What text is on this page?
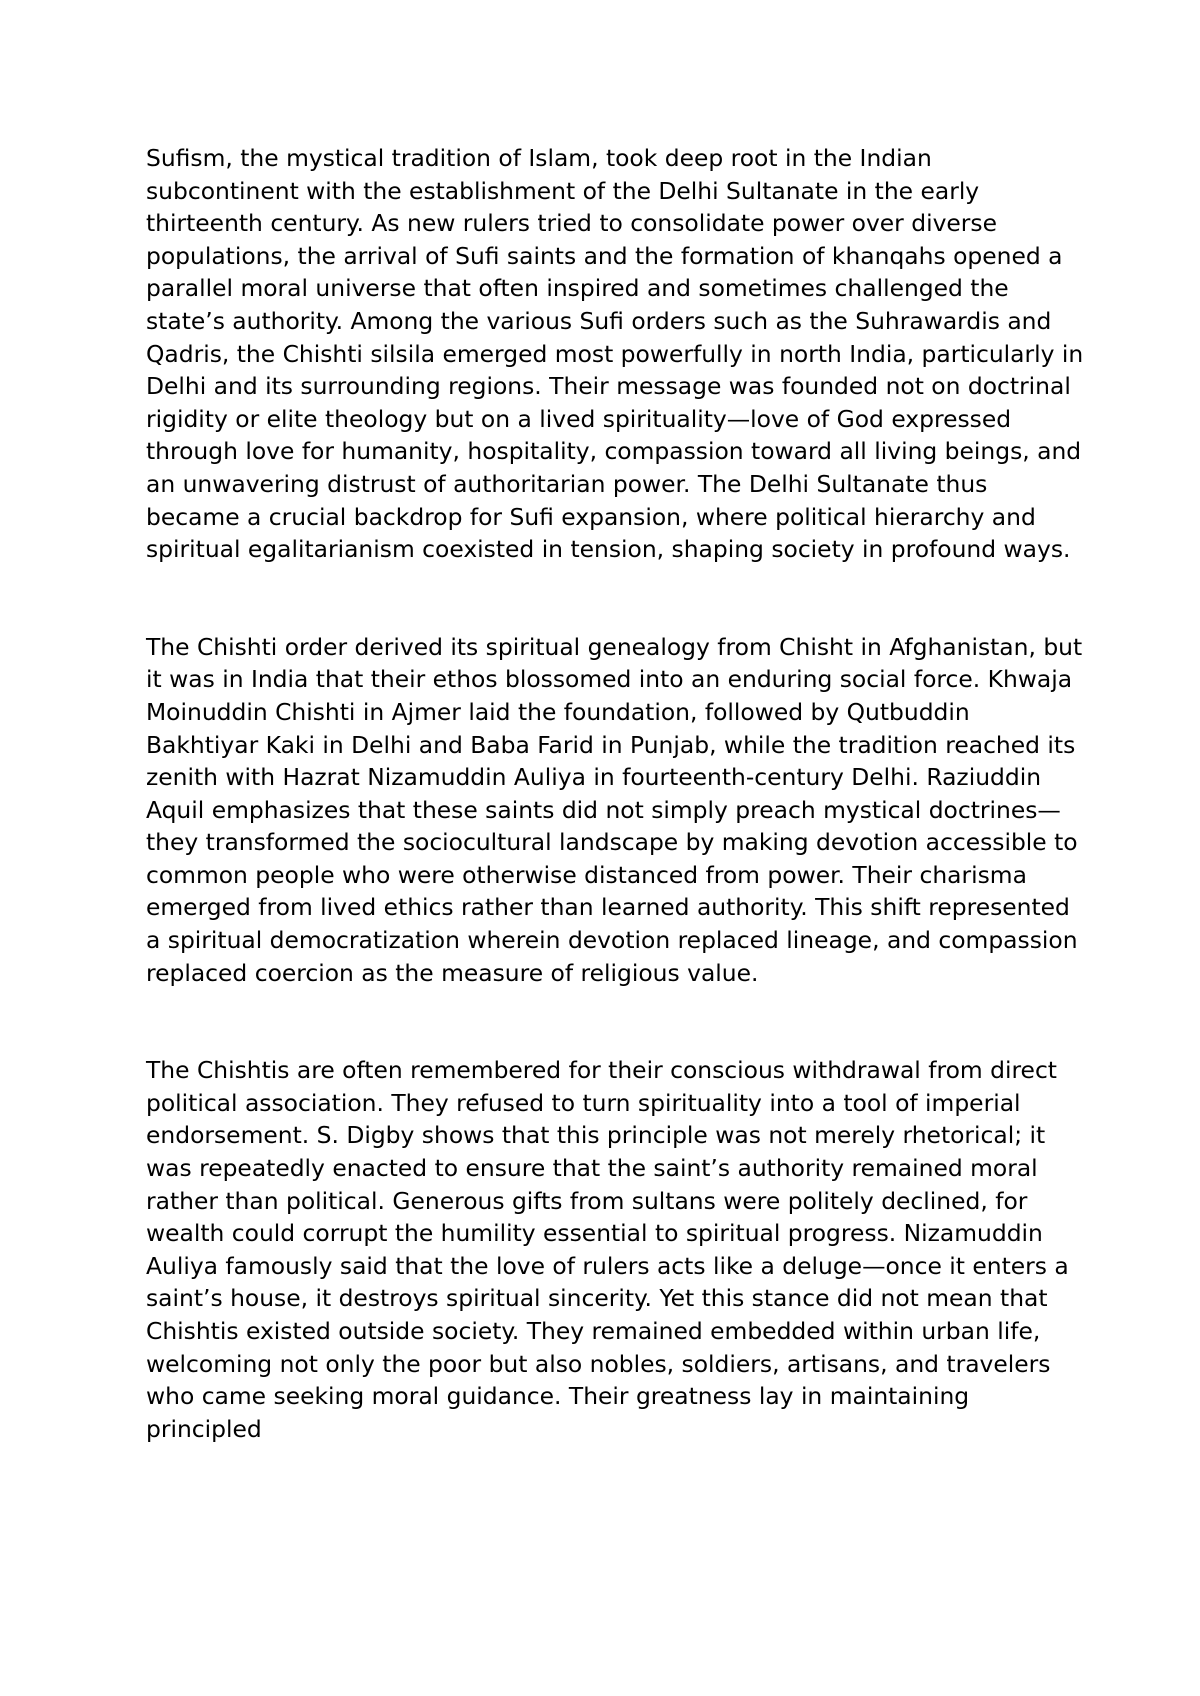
Sufism, the mystical tradition of Islam, took deep root in the Indian subcontinent with the establishment of the Delhi Sultanate in the early thirteenth century. As new rulers tried to consolidate power over diverse populations, the arrival of Sufi saints and the formation of khanqahs opened a parallel moral universe that often inspired and sometimes challenged the state’s authority. Among the various Sufi orders such as the Suhrawardis and Qadris, the Chishti silsila emerged most powerfully in north India, particularly in Delhi and its surrounding regions. Their message was founded not on doctrinal rigidity or elite theology but on a lived spirituality—love of God expressed through love for humanity, hospitality, compassion toward all living beings, and an unwavering distrust of authoritarian power. The Delhi Sultanate thus became a crucial backdrop for Sufi expansion, where political hierarchy and spiritual egalitarianism coexisted in tension, shaping society in profound ways.

The Chishti order derived its spiritual genealogy from Chisht in Afghanistan, but it was in India that their ethos blossomed into an enduring social force. Khwaja Moinuddin Chishti in Ajmer laid the foundation, followed by Qutbuddin Bakhtiyar Kaki in Delhi and Baba Farid in Punjab, while the tradition reached its zenith with Hazrat Nizamuddin Auliya in fourteenth-century Delhi. Raziuddin Aquil emphasizes that these saints did not simply preach mystical doctrines—they transformed the sociocultural landscape by making devotion accessible to common people who were otherwise distanced from power. Their charisma emerged from lived ethics rather than learned authority. This shift represented a spiritual democratization wherein devotion replaced lineage, and compassion replaced coercion as the measure of religious value.

The Chishtis are often remembered for their conscious withdrawal from direct political association. They refused to turn spirituality into a tool of imperial endorsement. S. Digby shows that this principle was not merely rhetorical; it was repeatedly enacted to ensure that the saint’s authority remained moral rather than political. Generous gifts from sultans were politely declined, for wealth could corrupt the humility essential to spiritual progress. Nizamuddin Auliya famously said that the love of rulers acts like a deluge—once it enters a saint’s house, it destroys spiritual sincerity. Yet this stance did not mean that Chishtis existed outside society. They remained embedded within urban life, welcoming not only the poor but also nobles, soldiers, artisans, and travelers who came seeking moral guidance. Their greatness lay in maintaining principled
